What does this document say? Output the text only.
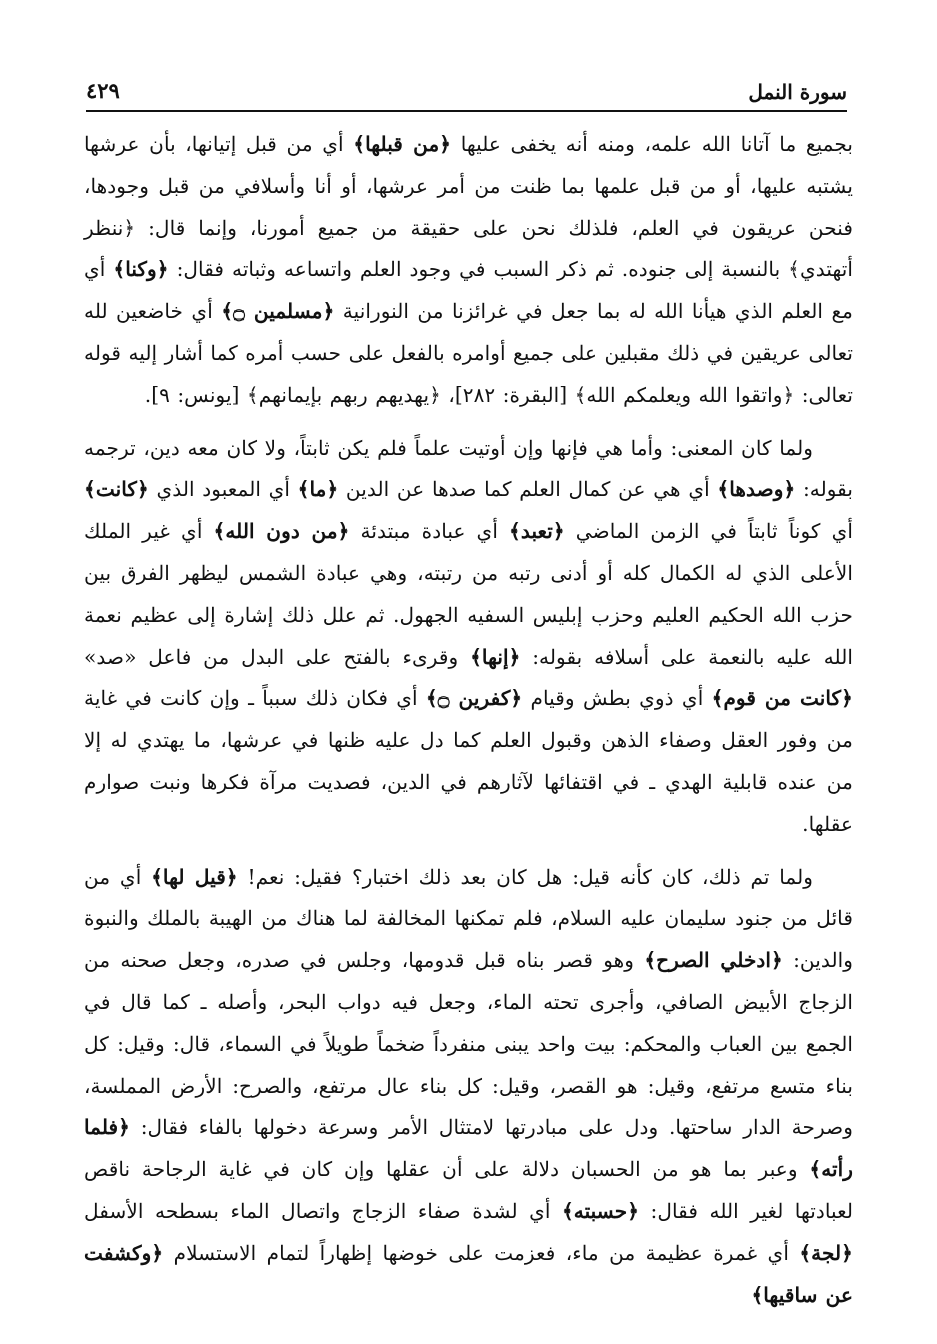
سورة النمل
٤٢٩

بجميع ما آتانا الله علمه، ومنه أنه يخفى عليها ﴿من قبلها﴾ أي من قبل إتيانها، بأن عرشها يشتبه عليها، أو من قبل علمها بما ظنت من أمر عرشها، أو أنا وأسلافي من قبل وجودها، فنحن عريقون في العلم، فلذلك نحن على حقيقة من جميع أمورنا، وإنما قال: ﴿ننظر أتهتدي﴾ بالنسبة إلى جنوده. ثم ذكر السبب في وجود العلم واتساعه وثباته فقال: ﴿وكنا﴾ أي مع العلم الذي هيأنا الله له بما جعل في غرائزنا من النورانية ﴿مسلمين ۝﴾ أي خاضعين لله تعالى عريقين في ذلك مقبلين على جميع أوامره بالفعل على حسب أمره كما أشار إليه قوله تعالى: ﴿واتقوا الله ويعلمكم الله﴾ [البقرة: ٢٨٢]، ﴿يهديهم ربهم بإيمانهم﴾ [يونس: ٩].

ولما كان المعنى: وأما هي فإنها وإن أوتيت علماً فلم يكن ثابتاً، ولا كان معه دين، ترجمه بقوله: ﴿وصدها﴾ أي هي عن كمال العلم كما صدها عن الدين ﴿ما﴾ أي المعبود الذي ﴿كانت﴾ أي كوناً ثابتاً في الزمن الماضي ﴿تعبد﴾ أي عبادة مبتدئة ﴿من دون الله﴾ أي غير الملك الأعلى الذي له الكمال كله أو أدنى رتبه من رتبته، وهي عبادة الشمس ليظهر الفرق بين حزب الله الحكيم العليم وحزب إبليس السفيه الجهول. ثم علل ذلك إشارة إلى عظيم نعمة الله عليه بالنعمة على أسلافه بقوله: ﴿إنها﴾ وقرىء بالفتح على البدل من فاعل «صد» ﴿كانت من قوم﴾ أي ذوي بطش وقيام ﴿كفرين ۝﴾ أي فكان ذلك سبباً ـ وإن كانت في غاية من وفور العقل وصفاء الذهن وقبول العلم كما دل عليه ظنها في عرشها، ما يهتدي له إلا من عنده قابلية الهدي ـ في اقتفائها لآثارهم في الدين، فصديت مرآة فكرها ونبت صوارم عقلها.

ولما تم ذلك، كان كأنه قيل: هل كان بعد ذلك اختبار؟ فقيل: نعم! ﴿قيل لها﴾ أي من قائل من جنود سليمان عليه السلام، فلم تمكنها المخالفة لما هناك من الهيبة بالملك والنبوة والدين: ﴿ادخلي الصرح﴾ وهو قصر بناه قبل قدومها، وجلس في صدره، وجعل صحنه من الزجاج الأبيض الصافي، وأجرى تحته الماء، وجعل فيه دواب البحر، وأصله ـ كما قال في الجمع بين العباب والمحكم: بيت واحد يبنى منفرداً ضخماً طويلاً في السماء، قال: وقيل: كل بناء متسع مرتفع، وقيل: هو القصر، وقيل: كل بناء عال مرتفع، والصرح: الأرض المملسة، وصرحة الدار ساحتها. ودل على مبادرتها لامتثال الأمر وسرعة دخولها بالفاء فقال: ﴿فلما رأته﴾ وعبر بما هو من الحسبان دلالة على أن عقلها وإن كان في غاية الرجاحة ناقص لعبادتها لغير الله فقال: ﴿حسبته﴾ أي لشدة صفاء الزجاج واتصال الماء بسطحه الأسفل ﴿لجة﴾ أي غمرة عظيمة من ماء، فعزمت على خوضها إظهاراً لتمام الاستسلام ﴿وكشفت عن ساقيها﴾
